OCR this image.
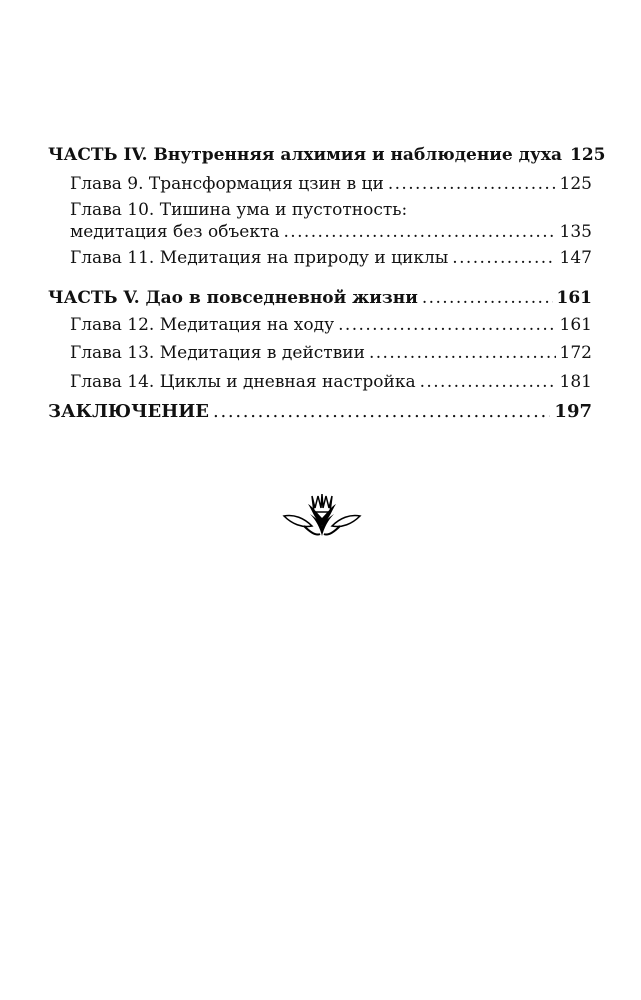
ЧАСТЬ IV. Внутренняя алхимия и наблюдение духа 125
Глава 9. Трансформация цзин в ци . . .	125
Глава 10. Тишина ума и пустотность:
медитация без объекта . . .	135
Глава 11. Медитация на природу и циклы . . .	147
ЧАСТЬ V. Дао в повседневной жизни . . .	161
Глава 12. Медитация на ходу . . .	161
Глава 13. Медитация в действии . . .	172
Глава 14. Циклы и дневная настройка . . .	181
ЗАКЛЮЧЕНИЕ . . .	197
